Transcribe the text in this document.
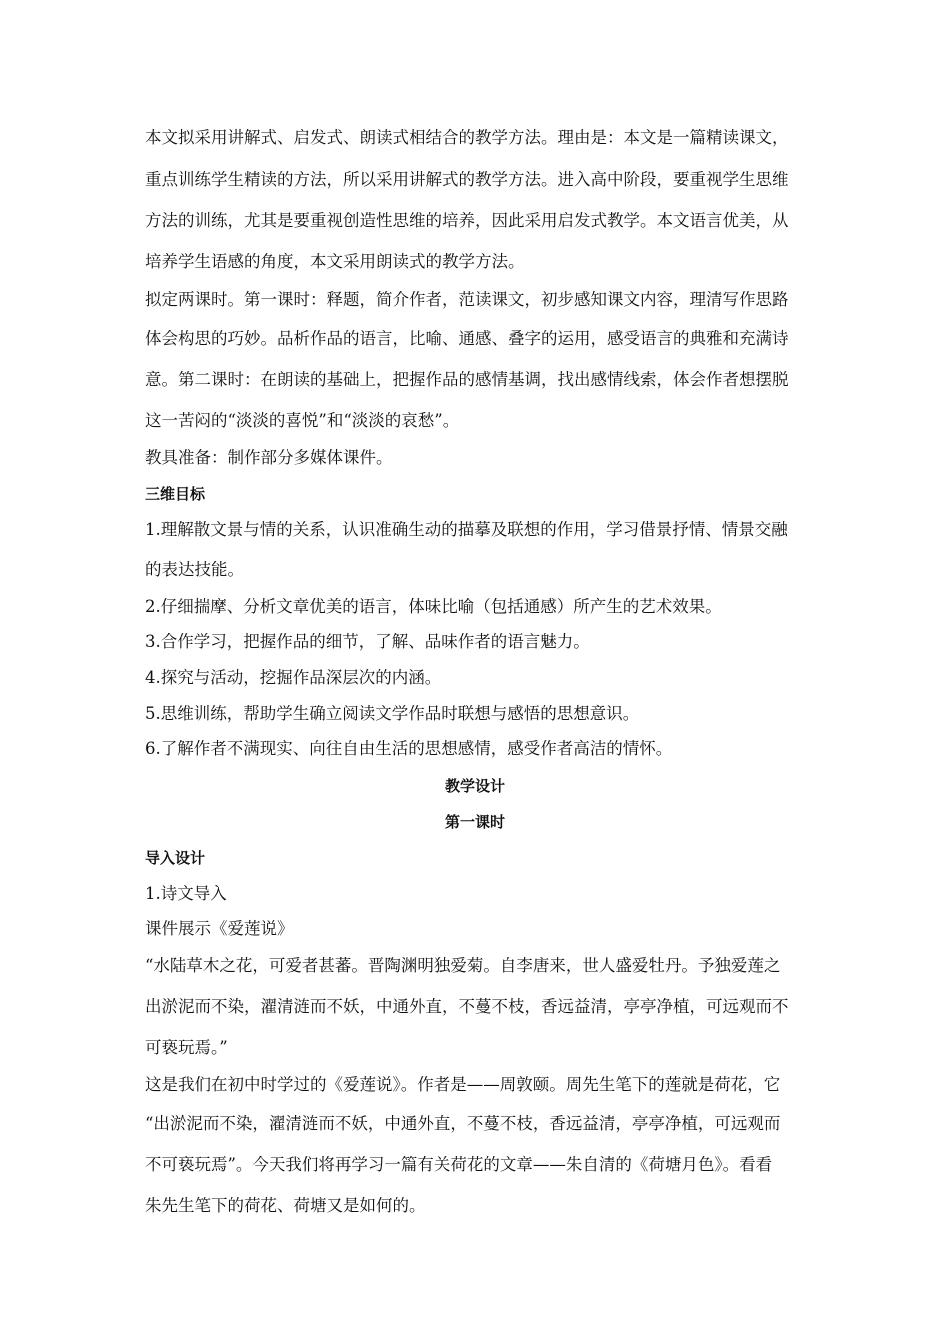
本文拟采用讲解式、启发式、朗读式相结合的教学方法。理由是：本文是一篇精读课文，
重点训练学生精读的方法，所以采用讲解式的教学方法。进入高中阶段，要重视学生思维
方法的训练，尤其是要重视创造性思维的培养，因此采用启发式教学。本文语言优美，从
培养学生语感的角度，本文采用朗读式的教学方法。
拟定两课时。第一课时：释题，简介作者，范读课文，初步感知课文内容，理清写作思路
体会构思的巧妙。品析作品的语言，比喻、通感、叠字的运用，感受语言的典雅和充满诗
意。第二课时：在朗读的基础上，把握作品的感情基调，找出感情线索，体会作者想摆脱
这一苦闷的“淡淡的喜悦”和“淡淡的哀愁”。
教具准备：制作部分多媒体课件。
三维目标
1.理解散文景与情的关系，认识准确生动的描摹及联想的作用，学习借景抒情、情景交融
的表达技能。
2.仔细揣摩、分析文章优美的语言，体味比喻（包括通感）所产生的艺术效果。
3.合作学习，把握作品的细节，了解、品味作者的语言魅力。
4.探究与活动，挖掘作品深层次的内涵。
5.思维训练，帮助学生确立阅读文学作品时联想与感悟的思想意识。
6.了解作者不满现实、向往自由生活的思想感情，感受作者高洁的情怀。
教学设计
第一课时
导入设计
1.诗文导入
课件展示《爱莲说》
“水陆草木之花，可爱者甚蕃。晋陶渊明独爱菊。自李唐来，世人盛爱牡丹。予独爱莲之
出淤泥而不染，濯清涟而不妖，中通外直，不蔓不枝，香远益清，亭亭净植，可远观而不
可亵玩焉。”
这是我们在初中时学过的《爱莲说》。作者是——周敦颐。周先生笔下的莲就是荷花，它
“出淤泥而不染，濯清涟而不妖，中通外直，不蔓不枝，香远益清，亭亭净植，可远观而
不可亵玩焉”。今天我们将再学习一篇有关荷花的文章——朱自清的《荷塘月色》。看看
朱先生笔下的荷花、荷塘又是如何的。
